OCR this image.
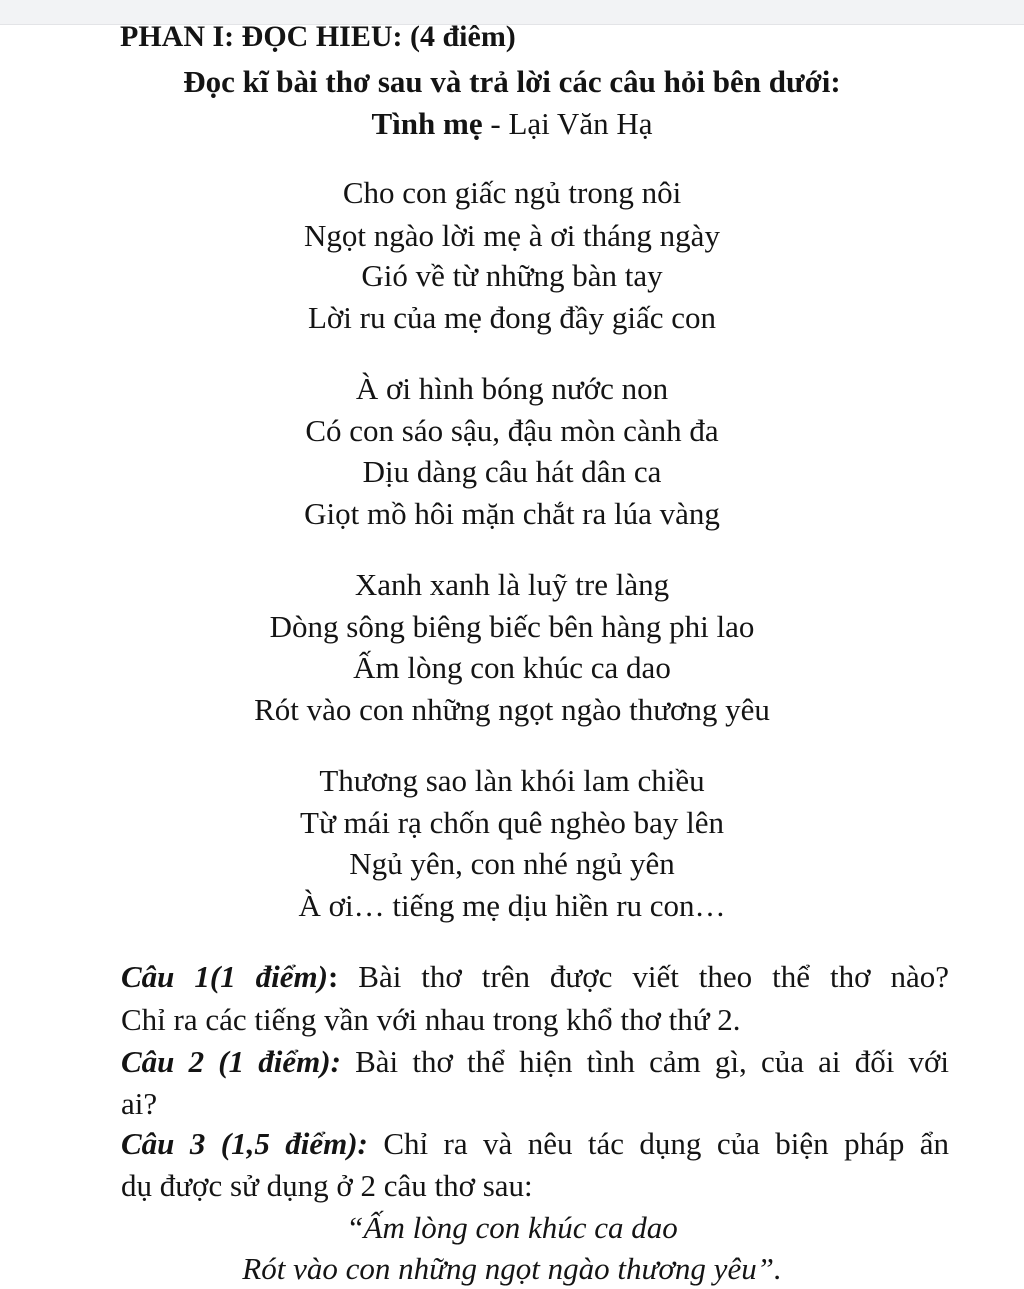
PHAN I: ĐỌC HIEU: (4 điêm)
Đọc kĩ bài thơ sau và trả lời các câu hỏi bên dưới:
Tình mẹ - Lại Văn Hạ
Cho con giấc ngủ trong nôi
Ngọt ngào lời mẹ à ơi tháng ngày
Gió về từ những bàn tay
Lời ru của mẹ đong đầy giấc con
À ơi hình bóng nước non
Có con sáo sậu, đậu mòn cành đa
Dịu dàng câu hát dân ca
Giọt mồ hôi mặn chắt ra lúa vàng
Xanh xanh là luỹ tre làng
Dòng sông biêng biếc bên hàng phi lao
Ấm lòng con khúc ca dao
Rót vào con những ngọt ngào thương yêu
Thương sao làn khói lam chiều
Từ mái rạ chốn quê nghèo bay lên
Ngủ yên, con nhé ngủ yên
À ơi… tiếng mẹ dịu hiền ru con…
Câu 1(1 điểm): Bài thơ trên được viết theo thể thơ nào?
Chỉ ra các tiếng vần với nhau trong khổ thơ thứ 2.
Câu 2 (1 điểm): Bài thơ thể hiện tình cảm gì, của ai đối với
ai?
Câu 3 (1,5 điểm): Chỉ ra và nêu tác dụng của biện pháp ẩn
dụ được sử dụng ở 2 câu thơ sau:
“Ấm lòng con khúc ca dao
Rót vào con những ngọt ngào thương yêu”.
